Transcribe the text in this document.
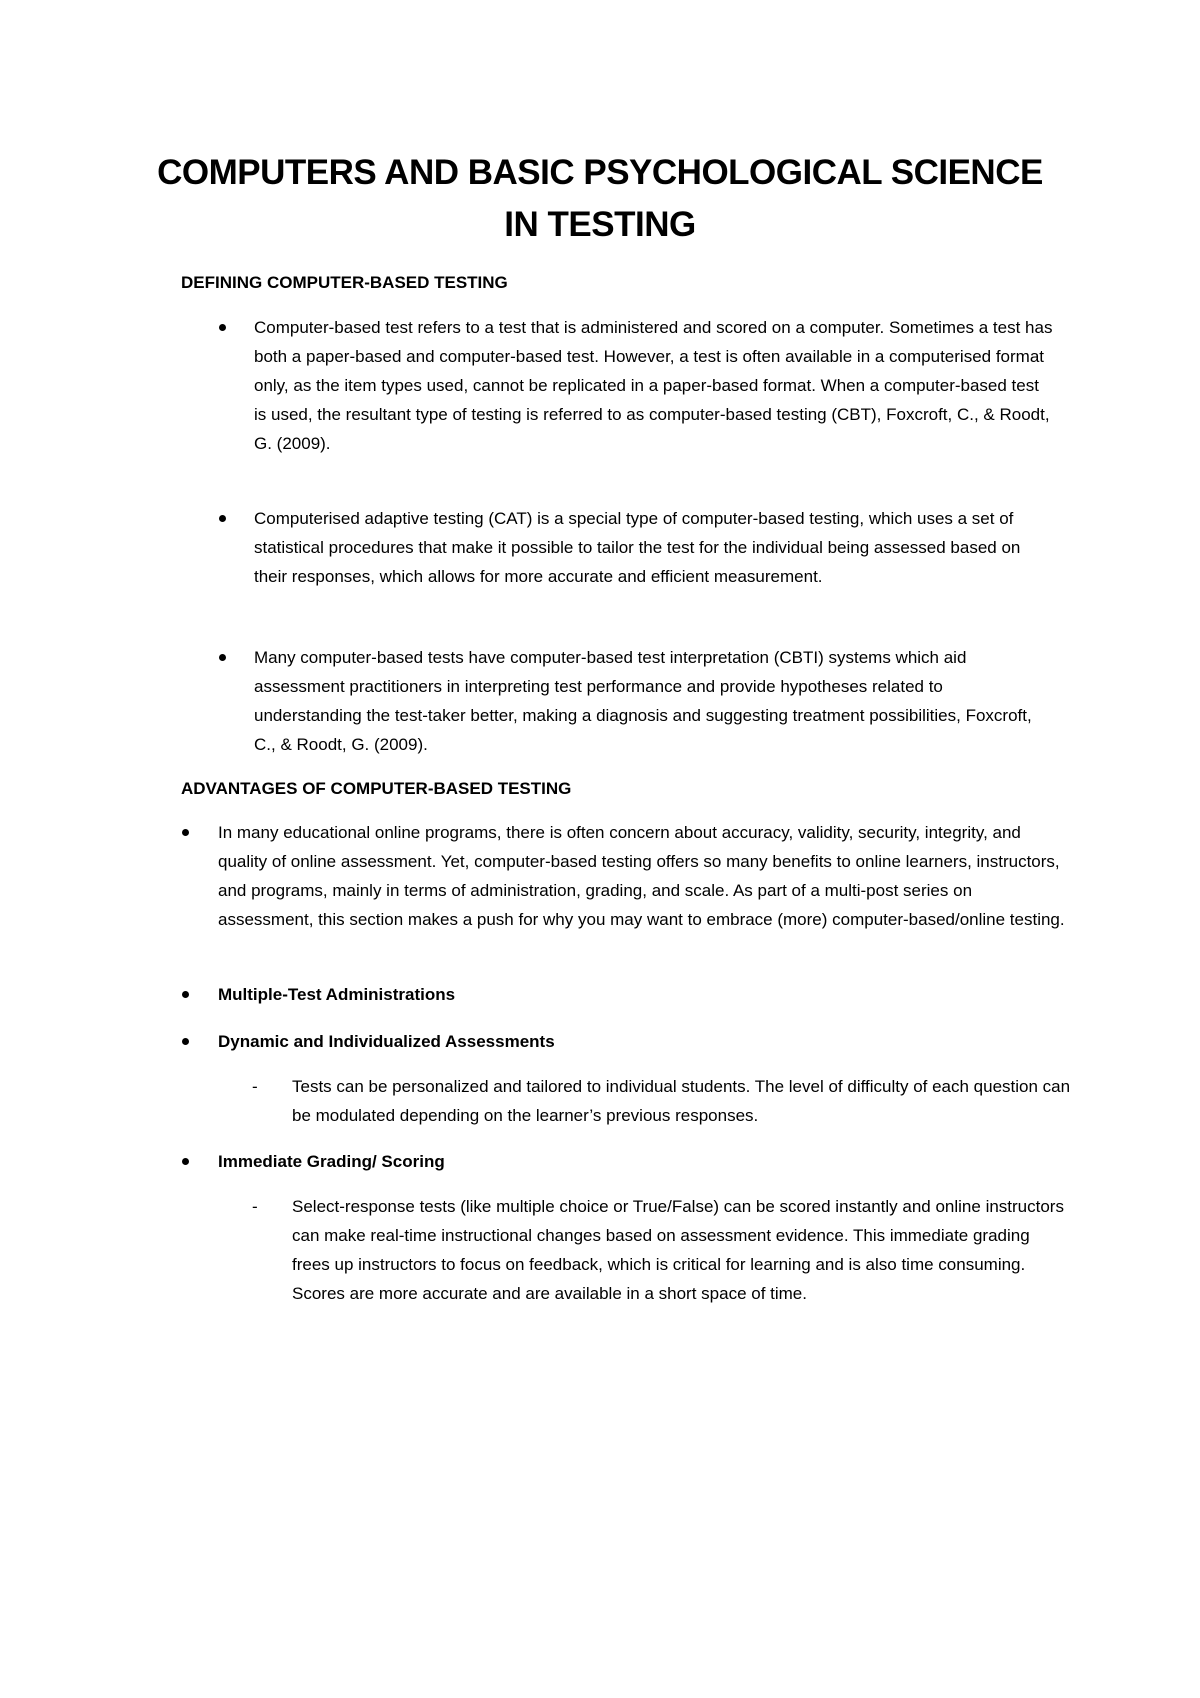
COMPUTERS AND BASIC PSYCHOLOGICAL SCIENCE
IN TESTING
DEFINING COMPUTER-BASED TESTING
Computer-based test refers to a test that is administered and scored on a computer. Sometimes a test has both a paper-based and computer-based test. However, a test is often available in a computerised format only, as the item types used, cannot be replicated in a paper-based format. When a computer-based test is used, the resultant type of testing is referred to as computer-based testing (CBT), Foxcroft, C., & Roodt, G. (2009).
Computerised adaptive testing (CAT) is a special type of computer-based testing, which uses a set of statistical procedures that make it possible to tailor the test for the individual being assessed based on their responses, which allows for more accurate and efficient measurement.
Many computer-based tests have computer-based test interpretation (CBTI) systems which aid assessment practitioners in interpreting test performance and provide hypotheses related to understanding the test-taker better, making a diagnosis and suggesting treatment possibilities, Foxcroft, C., & Roodt, G. (2009).
ADVANTAGES OF COMPUTER-BASED TESTING
In many educational online programs, there is often concern about accuracy, validity, security, integrity, and quality of online assessment. Yet, computer-based testing offers so many benefits to online learners, instructors, and programs, mainly in terms of administration, grading, and scale. As part of a multi-post series on assessment, this section makes a push for why you may want to embrace (more) computer-based/online testing.
Multiple-Test Administrations
Dynamic and Individualized Assessments
- Tests can be personalized and tailored to individual students. The level of difficulty of each question can be modulated depending on the learner’s previous responses.
Immediate Grading/ Scoring
- Select-response tests (like multiple choice or True/False) can be scored instantly and online instructors can make real-time instructional changes based on assessment evidence. This immediate grading frees up instructors to focus on feedback, which is critical for learning and is also time consuming. Scores are more accurate and are available in a short space of time.
